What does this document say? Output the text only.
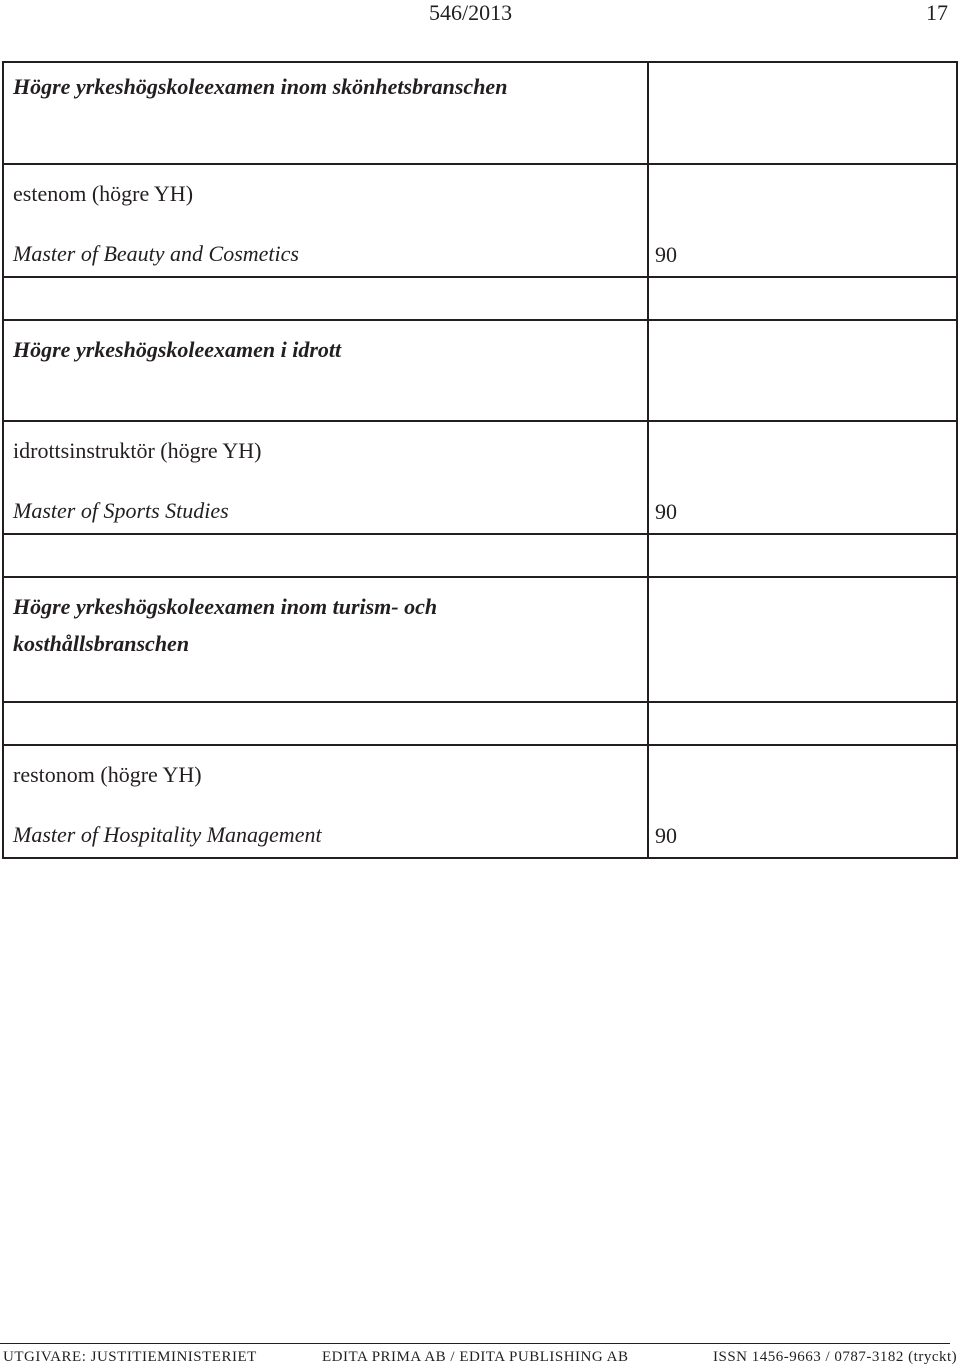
546/2013	17
Högre yrkeshögskoleexamen inom skönhetsbranschen	

estenom (högre YH)
Master of Beauty and Cosmetics	90

Högre yrkeshögskoleexamen i idrott	

idrottsinstruktör (högre YH)
Master of Sports Studies	90

Högre yrkeshögskoleexamen inom turism- och
kosthållsbranschen	

restonom (högre YH)
Master of Hospitality Management	90
UTGIVARE: JUSTITIEMINISTERIET	EDITA PRIMA AB / EDITA PUBLISHING AB	ISSN 1456-9663 / 0787-3182 (tryckt)
